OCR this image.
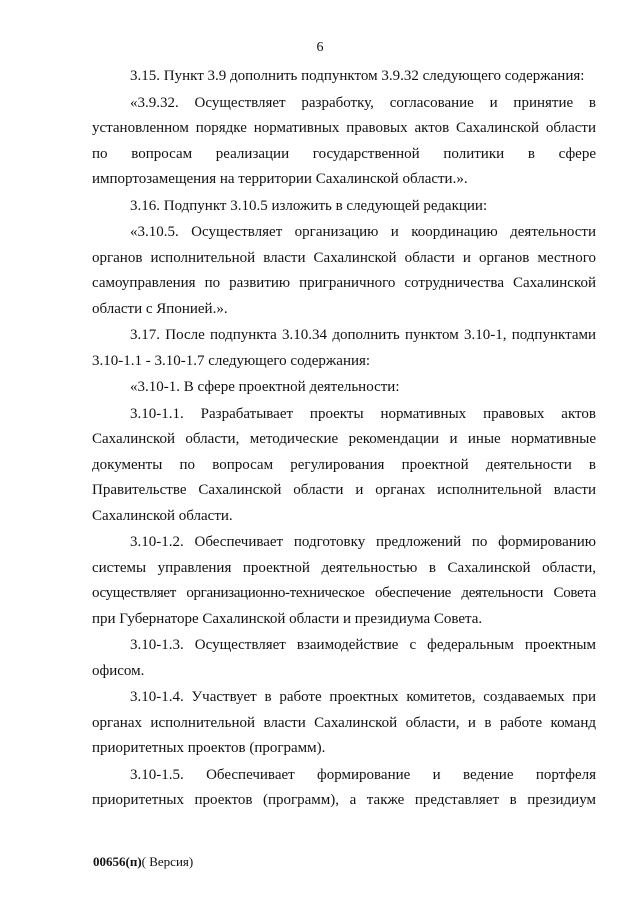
6
3.15. Пункт 3.9 дополнить подпунктом 3.9.32 следующего содержания:
«3.9.32. Осуществляет разработку, согласование и принятие в
установленном порядке нормативных правовых актов Сахалинской области
по вопросам реализации государственной политики в сфере
импортозамещения на территории Сахалинской области.».
3.16. Подпункт 3.10.5 изложить в следующей редакции:
«3.10.5. Осуществляет организацию и координацию деятельности
органов исполнительной власти Сахалинской области и органов местного
самоуправления по развитию приграничного сотрудничества Сахалинской
области с Японией.».
3.17. После подпункта 3.10.34 дополнить пунктом 3.10-1, подпунктами
3.10-1.1 - 3.10-1.7 следующего содержания:
«3.10-1. В сфере проектной деятельности:
3.10-1.1. Разрабатывает проекты нормативных правовых актов
Сахалинской области, методические рекомендации и иные нормативные
документы по вопросам регулирования проектной деятельности в
Правительстве Сахалинской области и органах исполнительной власти
Сахалинской области.
3.10-1.2. Обеспечивает подготовку предложений по формированию
системы управления проектной деятельностью в Сахалинской области,
осуществляет организационно-техническое обеспечение деятельности Совета
при Губернаторе Сахалинской области и президиума Совета.
3.10-1.3. Осуществляет взаимодействие с федеральным проектным
офисом.
3.10-1.4. Участвует в работе проектных комитетов, создаваемых при
органах исполнительной власти Сахалинской области, и в работе команд
приоритетных проектов (программ).
3.10-1.5. Обеспечивает формирование и ведение портфеля
приоритетных проектов (программ), а также представляет в президиум
00656(п)( Версия)
